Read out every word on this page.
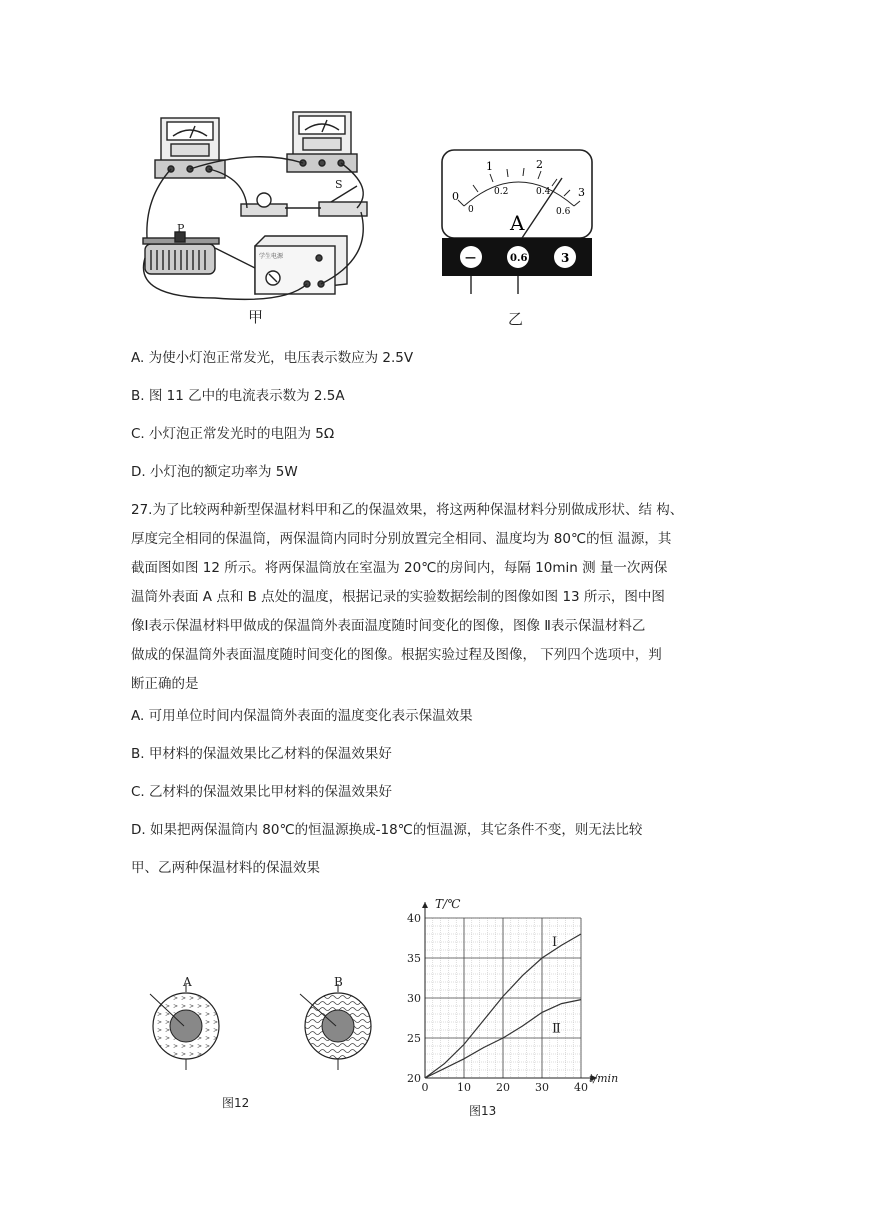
P
S
学生电源
甲
0
1	2
3
0
0.2	0.4
0.6
A
—	0.6	3
乙
A. 为使小灯泡正常发光，电压表示数应为 2.5V
B. 图 11 乙中的电流表示数为 2.5A
C. 小灯泡正常发光时的电阻为 5Ω
D. 小灯泡的额定功率为 5W
27.为了比较两种新型保温材料甲和乙的保温效果，将这两种保温材料分别做成形状、结 构、
厚度完全相同的保温筒，两保温筒内同时分别放置完全相同、温度均为 80℃的恒 温源，其
截面图如图 12 所示。将两保温筒放在室温为 20℃的房间内，每隔 10min 测 量一次两保
温筒外表面 A 点和 B 点处的温度，根据记录的实验数据绘制的图像如图 13 所示，图中图
像Ⅰ表示保温材料甲做成的保温筒外表面温度随时间变化的图像，图像 Ⅱ表示保温材料乙
做成的保温筒外表面温度随时间变化的图像。根据实验过程及图像， 下列四个选项中，判
断正确的是
A. 可用单位时间内保温筒外表面的温度变化表示保温效果
B. 甲材料的保温效果比乙材料的保温效果好
C. 乙材料的保温效果比甲材料的保温效果好
D. 如果把两保温筒内 80℃的恒温源换成-18℃的恒温源，其它条件不变，则无法比较
甲、乙两种保温材料的保温效果
A	B
图12
0	10 20 30 40
20
25
30
35
40
t/min
T/℃
Ⅰ
Ⅱ
图13
